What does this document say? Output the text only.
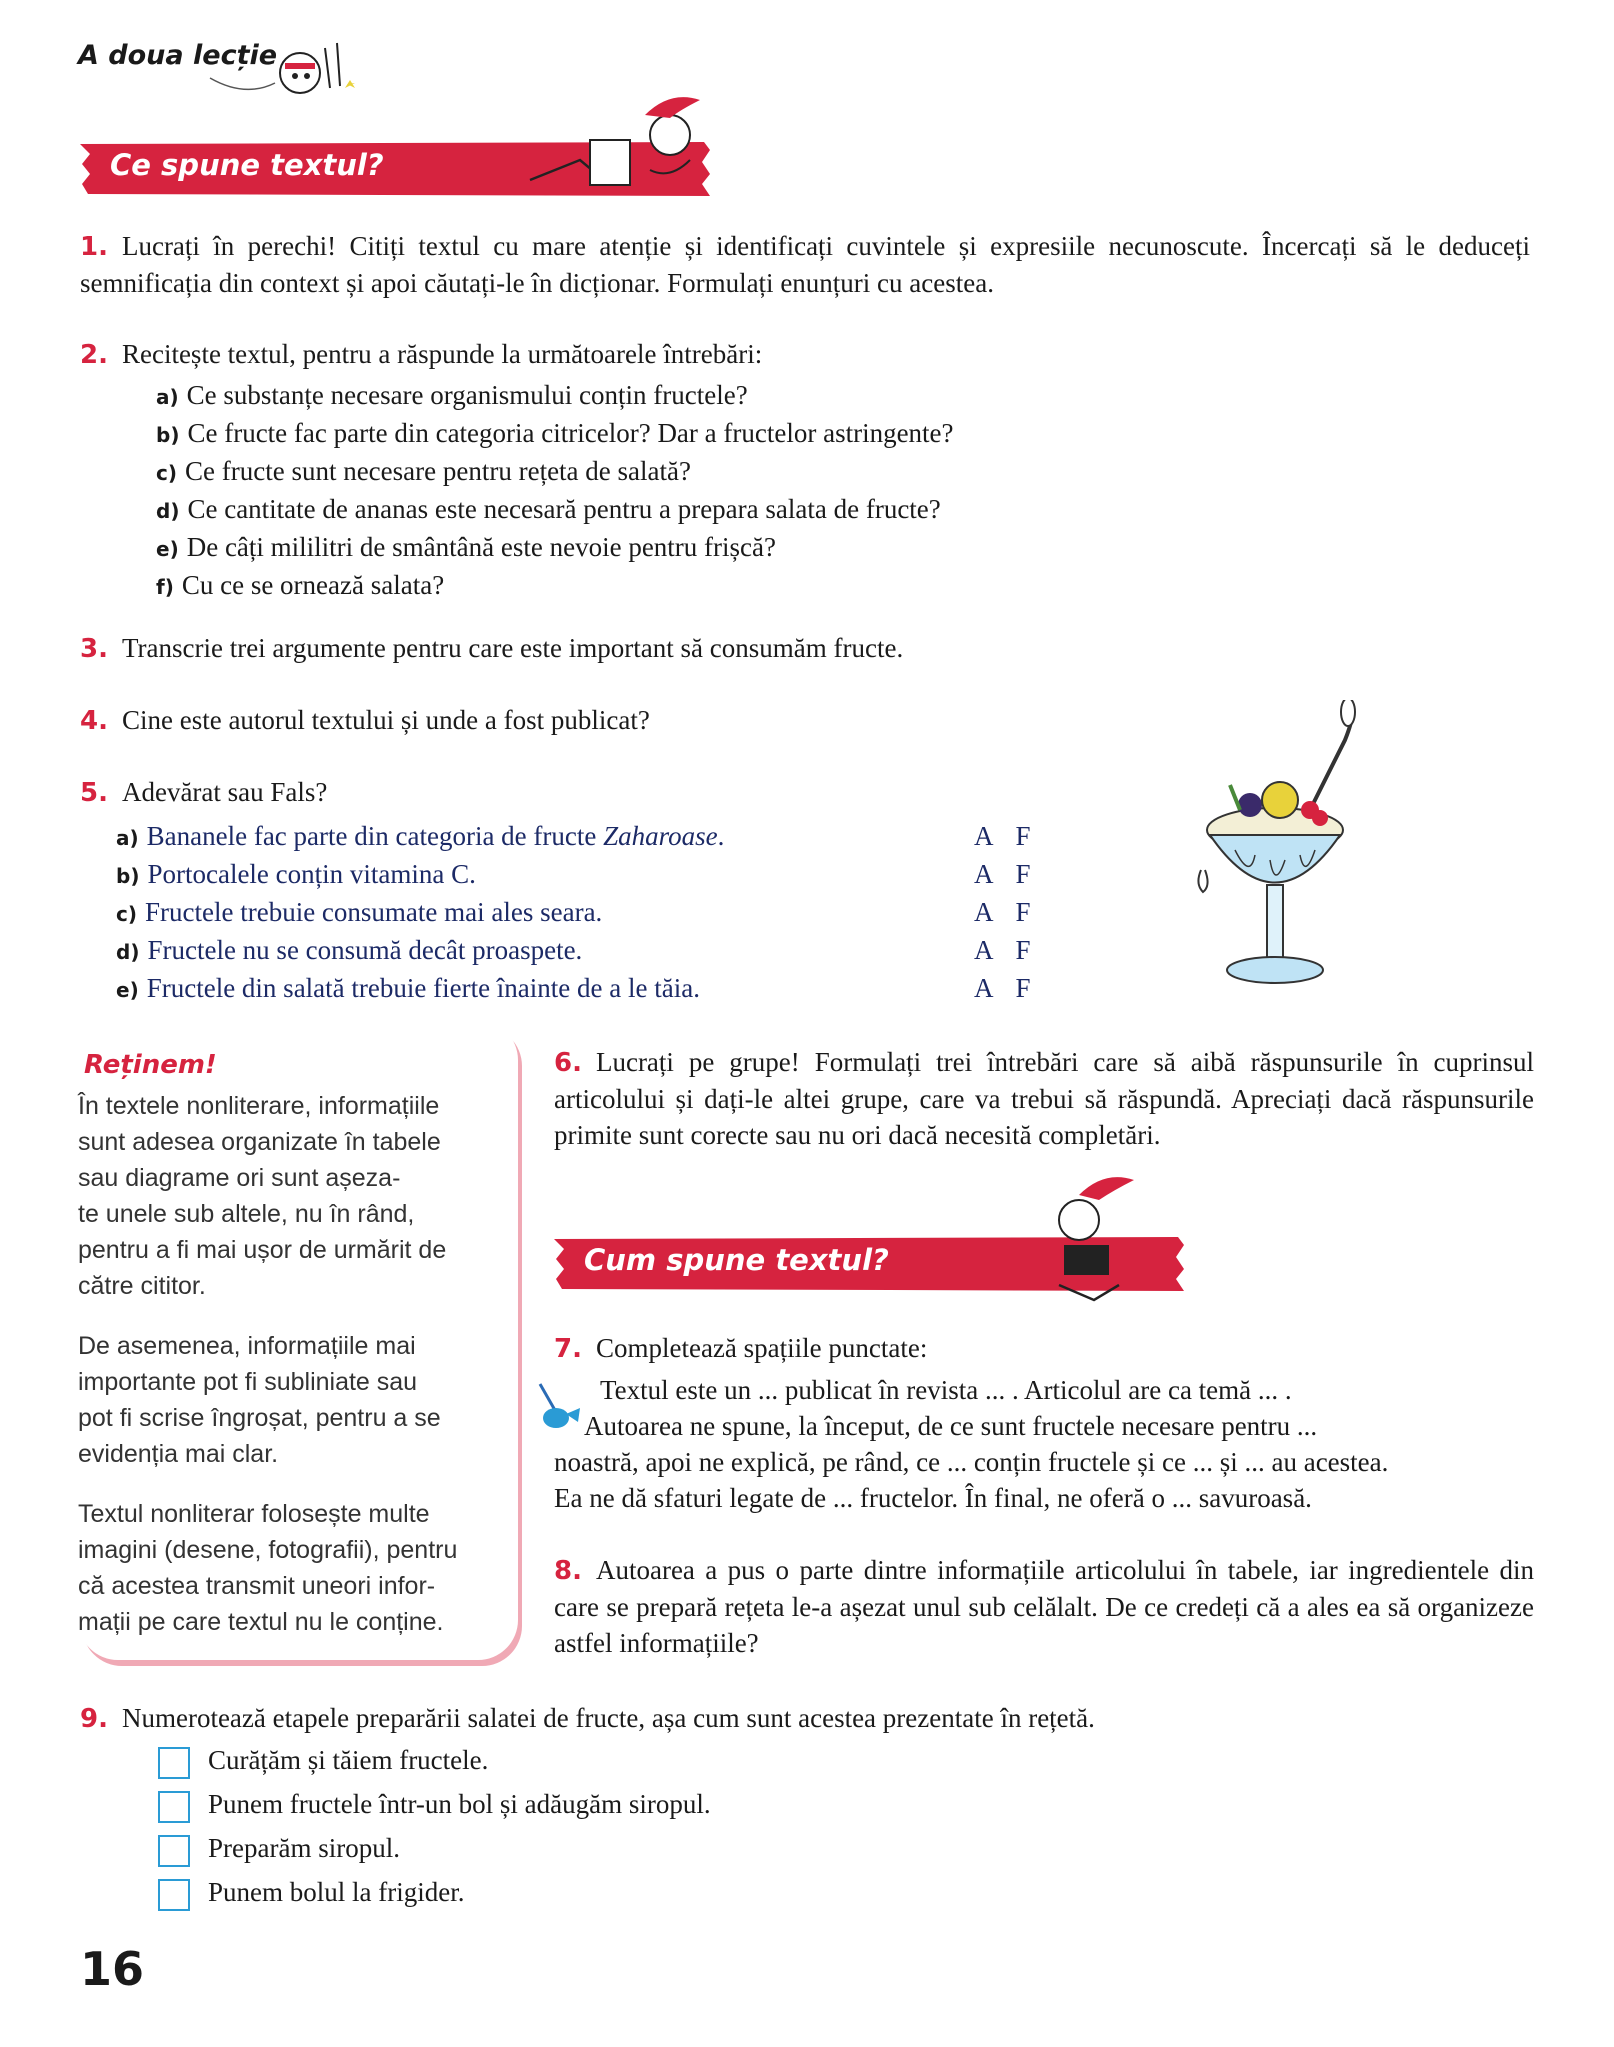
A doua lecție
Ce spune textul?
1. Lucrați în perechi! Citiți textul cu mare atenție și identificați cuvintele și expresiile necunoscute. Încercați să le deduceți semnificația din context și apoi căutați-le în dicționar. Formulați enunțuri cu acestea.
2. Recitește textul, pentru a răspunde la următoarele întrebări:
a) Ce substanțe necesare organismului conțin fructele?
b) Ce fructe fac parte din categoria citricelor? Dar a fructelor astringente?
c) Ce fructe sunt necesare pentru rețeta de salată?
d) Ce cantitate de ananas este necesară pentru a prepara salata de fructe?
e) De câți mililitri de smântână este nevoie pentru frișcă?
f) Cu ce se ornează salata?
3. Transcrie trei argumente pentru care este important să consumăm fructe.
4. Cine este autorul textului și unde a fost publicat?
5. Adevărat sau Fals?
a) Bananele fac parte din categoria de fructe Zaharoase.	AF
b) Portocalele conțin vitamina C.	AF
c) Fructele trebuie consumate mai ales seara.	AF
d) Fructele nu se consumă decât proaspete.	AF
e) Fructele din salată trebuie fierte înainte de a le tăia.	AF
Reținem!
În textele nonliterare, informațiile
sunt adesea organizate în tabele
sau diagrame ori sunt așeza-
te unele sub altele, nu în rând,
pentru a fi mai ușor de urmărit de
către cititor.
De asemenea, informațiile mai
importante pot fi subliniate sau
pot fi scrise îngroșat, pentru a se
evidenția mai clar.
Textul nonliterar folosește multe
imagini (desene, fotografii), pentru
că acestea transmit uneori infor-
mații pe care textul nu le conține.
6. Lucrați pe grupe! Formulați trei întrebări care să aibă răspunsurile în cuprinsul articolului și dați-le altei grupe, care va trebui să răspundă. Apreciați dacă răspunsurile primite sunt corecte sau nu ori dacă necesită completări.
Cum spune textul?
7. Completează spațiile punctate:
Textul este un ... publicat în revista ... . Articolul are ca temă ... .
Autoarea ne spune, la început, de ce sunt fructele necesare pentru ...
noastră, apoi ne explică, pe rând, ce ... conțin fructele și ce ... și ... au acestea.
Ea ne dă sfaturi legate de ... fructelor. În final, ne oferă o ... savuroasă.
8. Autoarea a pus o parte dintre informațiile articolului în tabele, iar ingredientele din care se prepară rețeta le-a așezat unul sub celălalt. De ce credeți că a ales ea să organizeze astfel informațiile?
9. Numerotează etapele preparării salatei de fructe, așa cum sunt acestea prezentate în rețetă.
Curățăm și tăiem fructele.
Punem fructele într-un bol și adăugăm siropul.
Preparăm siropul.
Punem bolul la frigider.
16
